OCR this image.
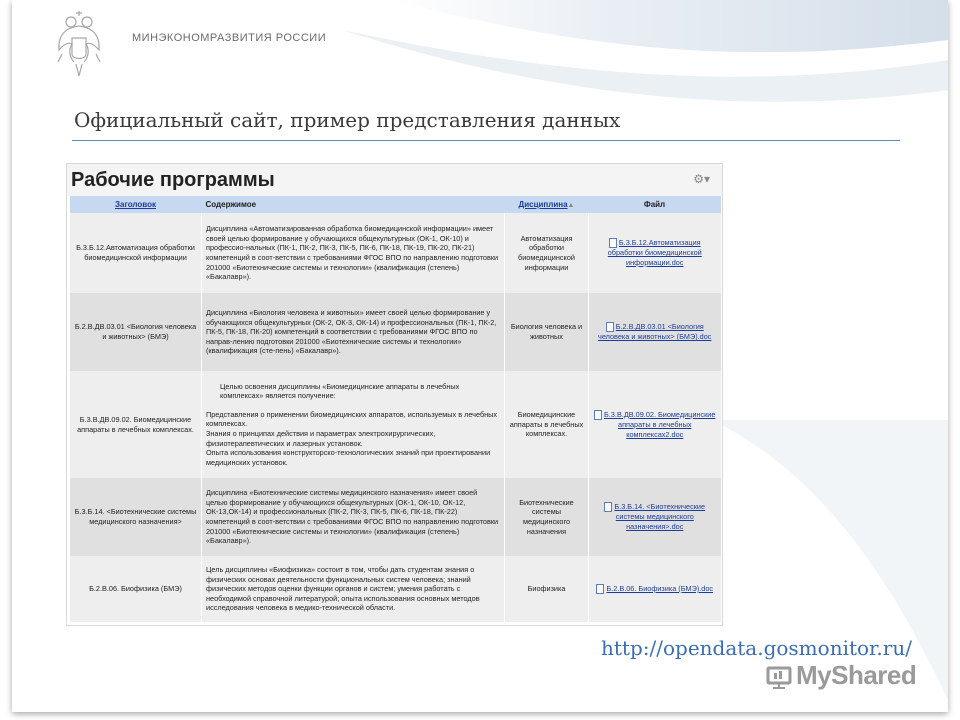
МИНЭКОНОМРАЗВИТИЯ РОССИИ
Официальный сайт, пример представления данных
Рабочие программы	⚙▾
Заголовок	Содержимое	Дисциплина▲	Файл
Б.3.Б.12.Автоматизация обработки биомедицинской информации	Дисциплина «Автоматизированная обработка биомедицинской информации» имеет своей целью формирование у обучающихся общекультурных (ОК-1, ОК-10) и профессио-нальных (ПК-1, ПК-2, ПК-3, ПК-5, ПК-6, ПК-18, ПК-19, ПК-20, ПК-21) компетенций в соот-ветствии с требованиями ФГОС ВПО по направлению подготовки 201000 «Биотехнические системы и технологии» (квалификация (степень) «Бакалавр»).	Автоматизация обработки биомедицинской информации	Б.3.Б.12.Автоматизация обработки биомедицинской информации.doc
Б.2.В.ДВ.03.01 <Биология человека и животных> (БМЭ)	Дисциплина «Биология человека и животных» имеет своей целью формирование у обучающихся общекультурных (ОК-2, ОК-3, ОК-14) и профессиональных (ПК-1, ПК-2, ПК-5, ПК-18, ПК-20) компетенций в соответствии с требованиями ФГОС ВПО по направ-лению подготовки 201000 «Биотехнические системы и технологии» (квалификация (сте-пень) «Бакалавр»).	Биология человека и животных	Б.2.В.ДВ.03.01 <Биология человека и животных> (БМЭ).doc
Б.3.В.ДВ.09.02. Биомедицинские аппараты в лечебных комплексах.	Целью освоения дисциплины «Биомедицинские аппараты в лечебных комплексах» является получение:
Представления о применении биомедицинских аппаратов, используемых в лечебных комплексах.
Знания о принципах действия и параметрах электрохирургических, физиотерапевтических и лазерных установок.
Опыта использования конструкторско-технологических знаний при проектировании медицинских установок.	Биомедицинские аппараты в лечебных комплексах.	Б.3.В.ДВ.09.02. Биомедицинские аппараты в лечебных комплексах2.doc
Б.3.Б.14. <Биотехнические системы медицинского назначения>	Дисциплина «Биотехнические системы медицинского назначения» имеет своей целью формирование у обучающихся общекультурных (ОК-1, ОК-10, ОК-12, ОК-13,ОК-14) и профессиональных (ПК-2, ПК-3, ПК-5, ПК-6, ПК-18, ПК-22) компетенций в соот-ветствии с требованиями ФГОС ВПО по направлению подготовки 201000 «Биотехнические системы и технологии» (квалификация (степень) «Бакалавр»).	Биотехнические системы медицинского назначения	Б.3.Б.14. <Биотехнические системы медицинского назначения>.doc
Б.2.В.06. Биофизика (БМЭ)	Цель дисциплины «Биофизика» состоит в том, чтобы дать студентам знания о физических основах деятельности функциональных систем человека; знаний физических методов оценки функции органов и систем; умения работать с необходимой справочной литературой; опыта использования основных методов исследования человека в медико-технической области.	Биофизика	Б.2.В.06. Биофизика (БМЭ).doc
http://opendata.gosmonitor.ru/
MyShared
